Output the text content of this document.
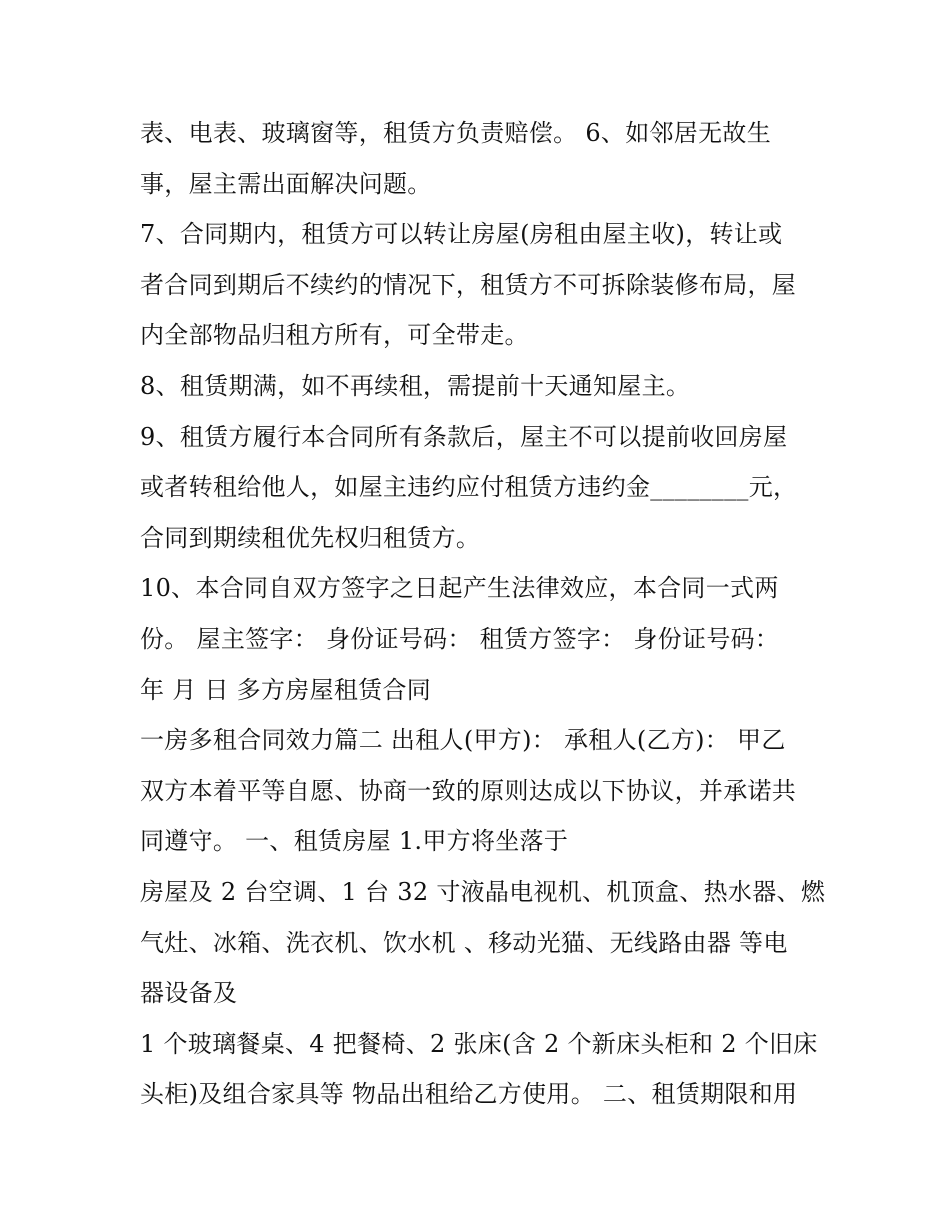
表、电表、玻璃窗等，租赁方负责赔偿。 6、如邻居无故生
事，屋主需出面解决问题。
7、合同期内，租赁方可以转让房屋(房租由屋主收)，转让或
者合同到期后不续约的情况下，租赁方不可拆除装修布局，屋
内全部物品归租方所有，可全带走。
8、租赁期满，如不再续租，需提前十天通知屋主。
9、租赁方履行本合同所有条款后，屋主不可以提前收回房屋
或者转租给他人，如屋主违约应付租赁方违约金________元，
合同到期续租优先权归租赁方。
10、本合同自双方签字之日起产生法律效应，本合同一式两
份。 屋主签字： 身份证号码： 租赁方签字： 身份证号码：
年 月 日 多方房屋租赁合同
一房多租合同效力篇二 出租人(甲方)： 承租人(乙方)： 甲乙
双方本着平等自愿、协商一致的原则达成以下协议，并承诺共
同遵守。 一、租赁房屋 1.甲方将坐落于
房屋及 2 台空调、1 台 32 寸液晶电视机、机顶盒、热水器、燃
气灶、冰箱、洗衣机、饮水机 、移动光猫、无线路由器 等电
器设备及
1 个玻璃餐桌、4 把餐椅、2 张床(含 2 个新床头柜和 2 个旧床
头柜)及组合家具等 物品出租给乙方使用。 二、租赁期限和用
